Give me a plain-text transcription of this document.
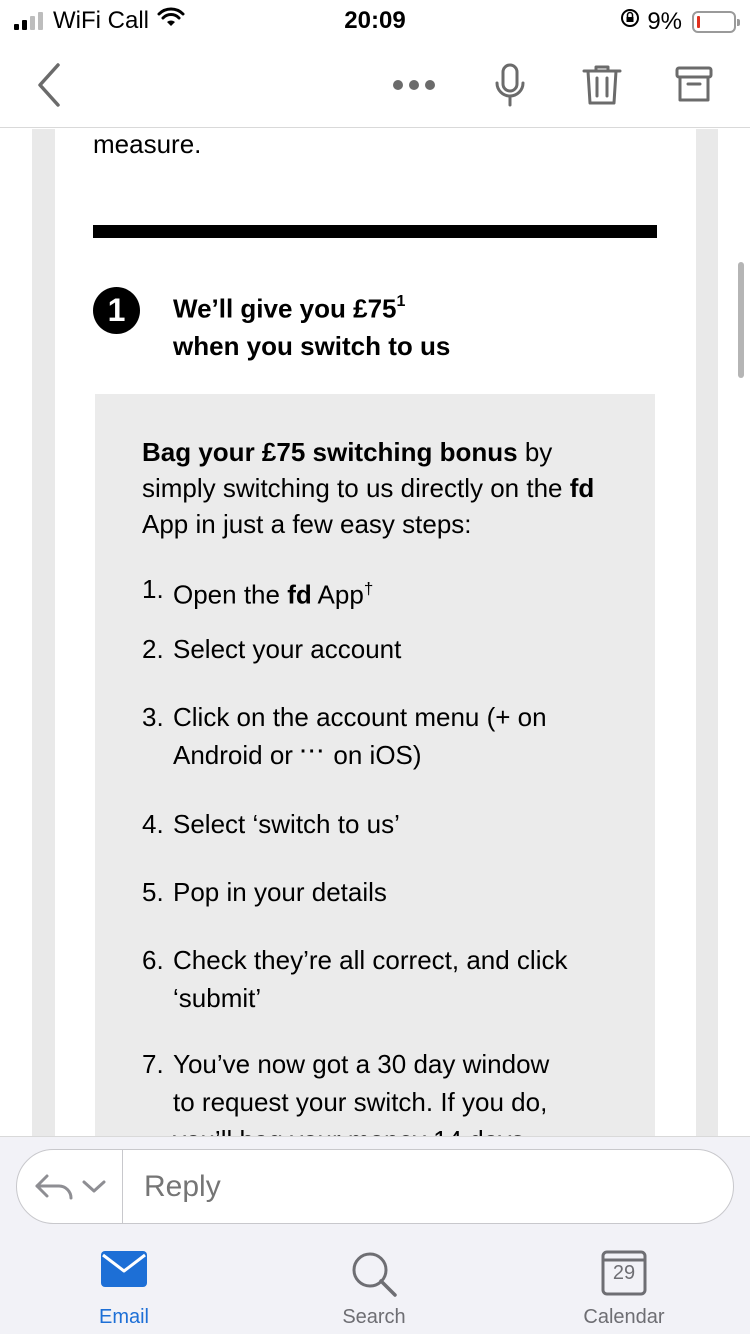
WiFi Call	20:09	9%
measure.
1	We’ll give you $£75^1$
when you switch to us
Bag your £75 switching bonus by simply switching to us directly on the fd App in just a few easy steps:
1. Open the fd App†
2. Select your account
3. Click on the account menu (+ on
Android or ··· on iOS)
4. Select ‘switch to us’
5. Pop in your details
6. Check they’re all correct, and click
‘submit’
7. You’ve now got a 30 day window
to request your switch. If you do,
Reply
Email	Search
29
Calendar
